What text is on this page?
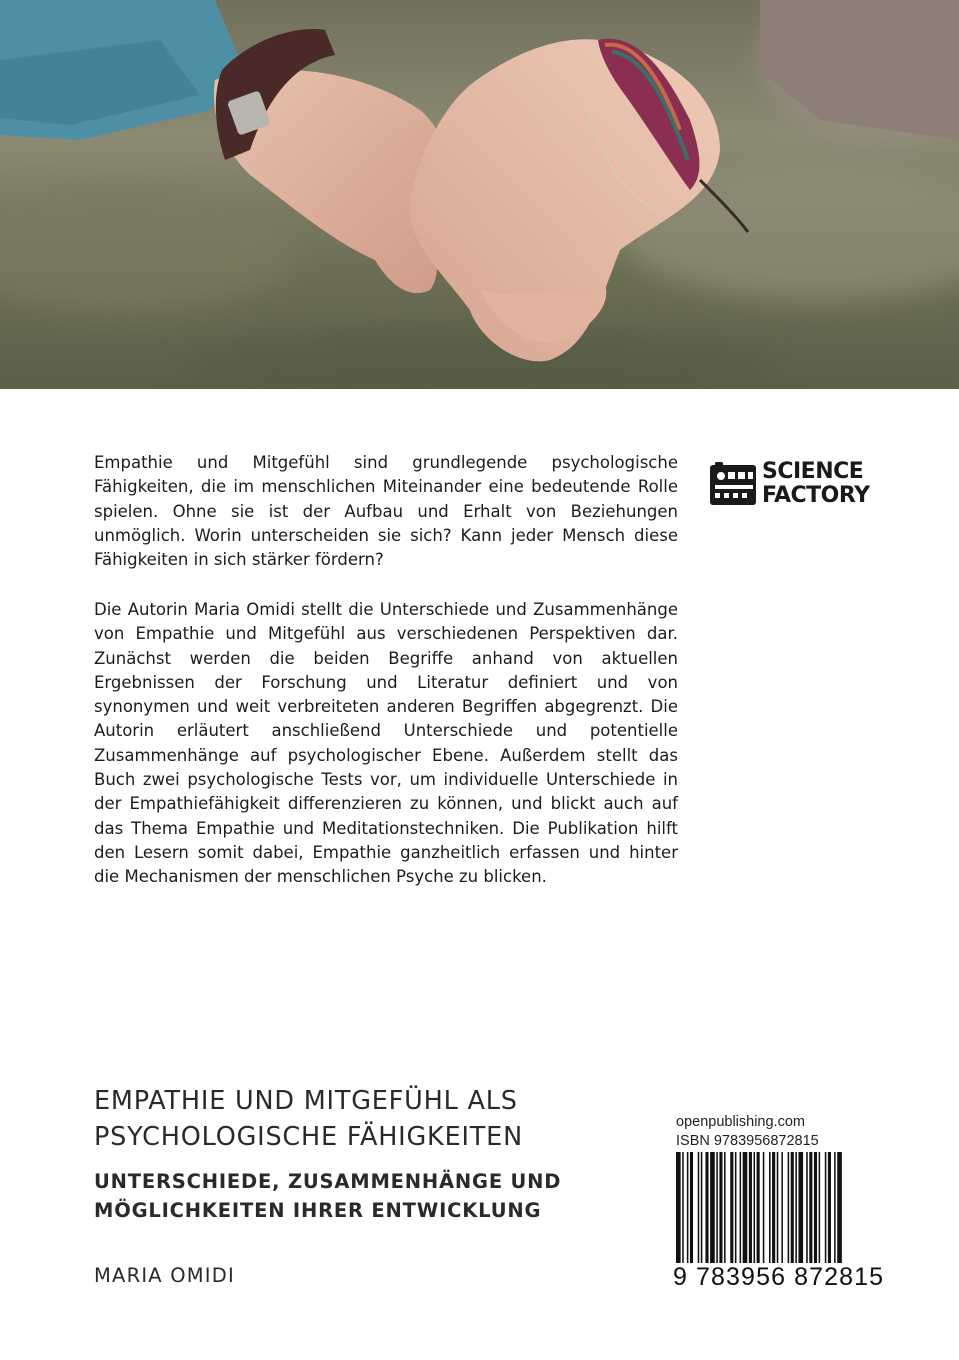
Empathie und Mitgefühl sind grundlegende psychologische Fähigkeiten, die im menschlichen Miteinander eine bedeutende Rolle spielen. Ohne sie ist der Aufbau und Erhalt von Beziehungen unmöglich. Worin unterscheiden sie sich? Kann jeder Mensch diese Fähigkeiten in sich stärker fördern?

Die Autorin Maria Omidi stellt die Unterschiede und Zusammenhänge von Empathie und Mitgefühl aus verschiedenen Perspektiven dar. Zunächst werden die beiden Begriffe anhand von aktuellen Ergebnissen der Forschung und Literatur definiert und von synonymen und weit verbreiteten anderen Begriffen abgegrenzt. Die Autorin erläutert anschließend Unterschiede und potentielle Zusammenhänge auf psychologischer Ebene. Außerdem stellt das Buch zwei psychologische Tests vor, um individuelle Unterschiede in der Empathiefähigkeit differenzieren zu können, und blickt auch auf das Thema Empathie und Meditationstechniken. Die Publikation hilft den Lesern somit dabei, Empathie ganzheitlich erfassen und hinter die Mechanismen der menschlichen Psyche zu blicken.

SCIENCE
FACTORY
EMPATHIE UND MITGEFÜHL ALS
PSYCHOLOGISCHE FÄHIGKEITEN
UNTERSCHIEDE, ZUSAMMENHÄNGE UND
MÖGLICHKEITEN IHRER ENTWICKLUNG
MARIA OMIDI
openpublishing.com
ISBN 9783956872815
9 783956 872815
